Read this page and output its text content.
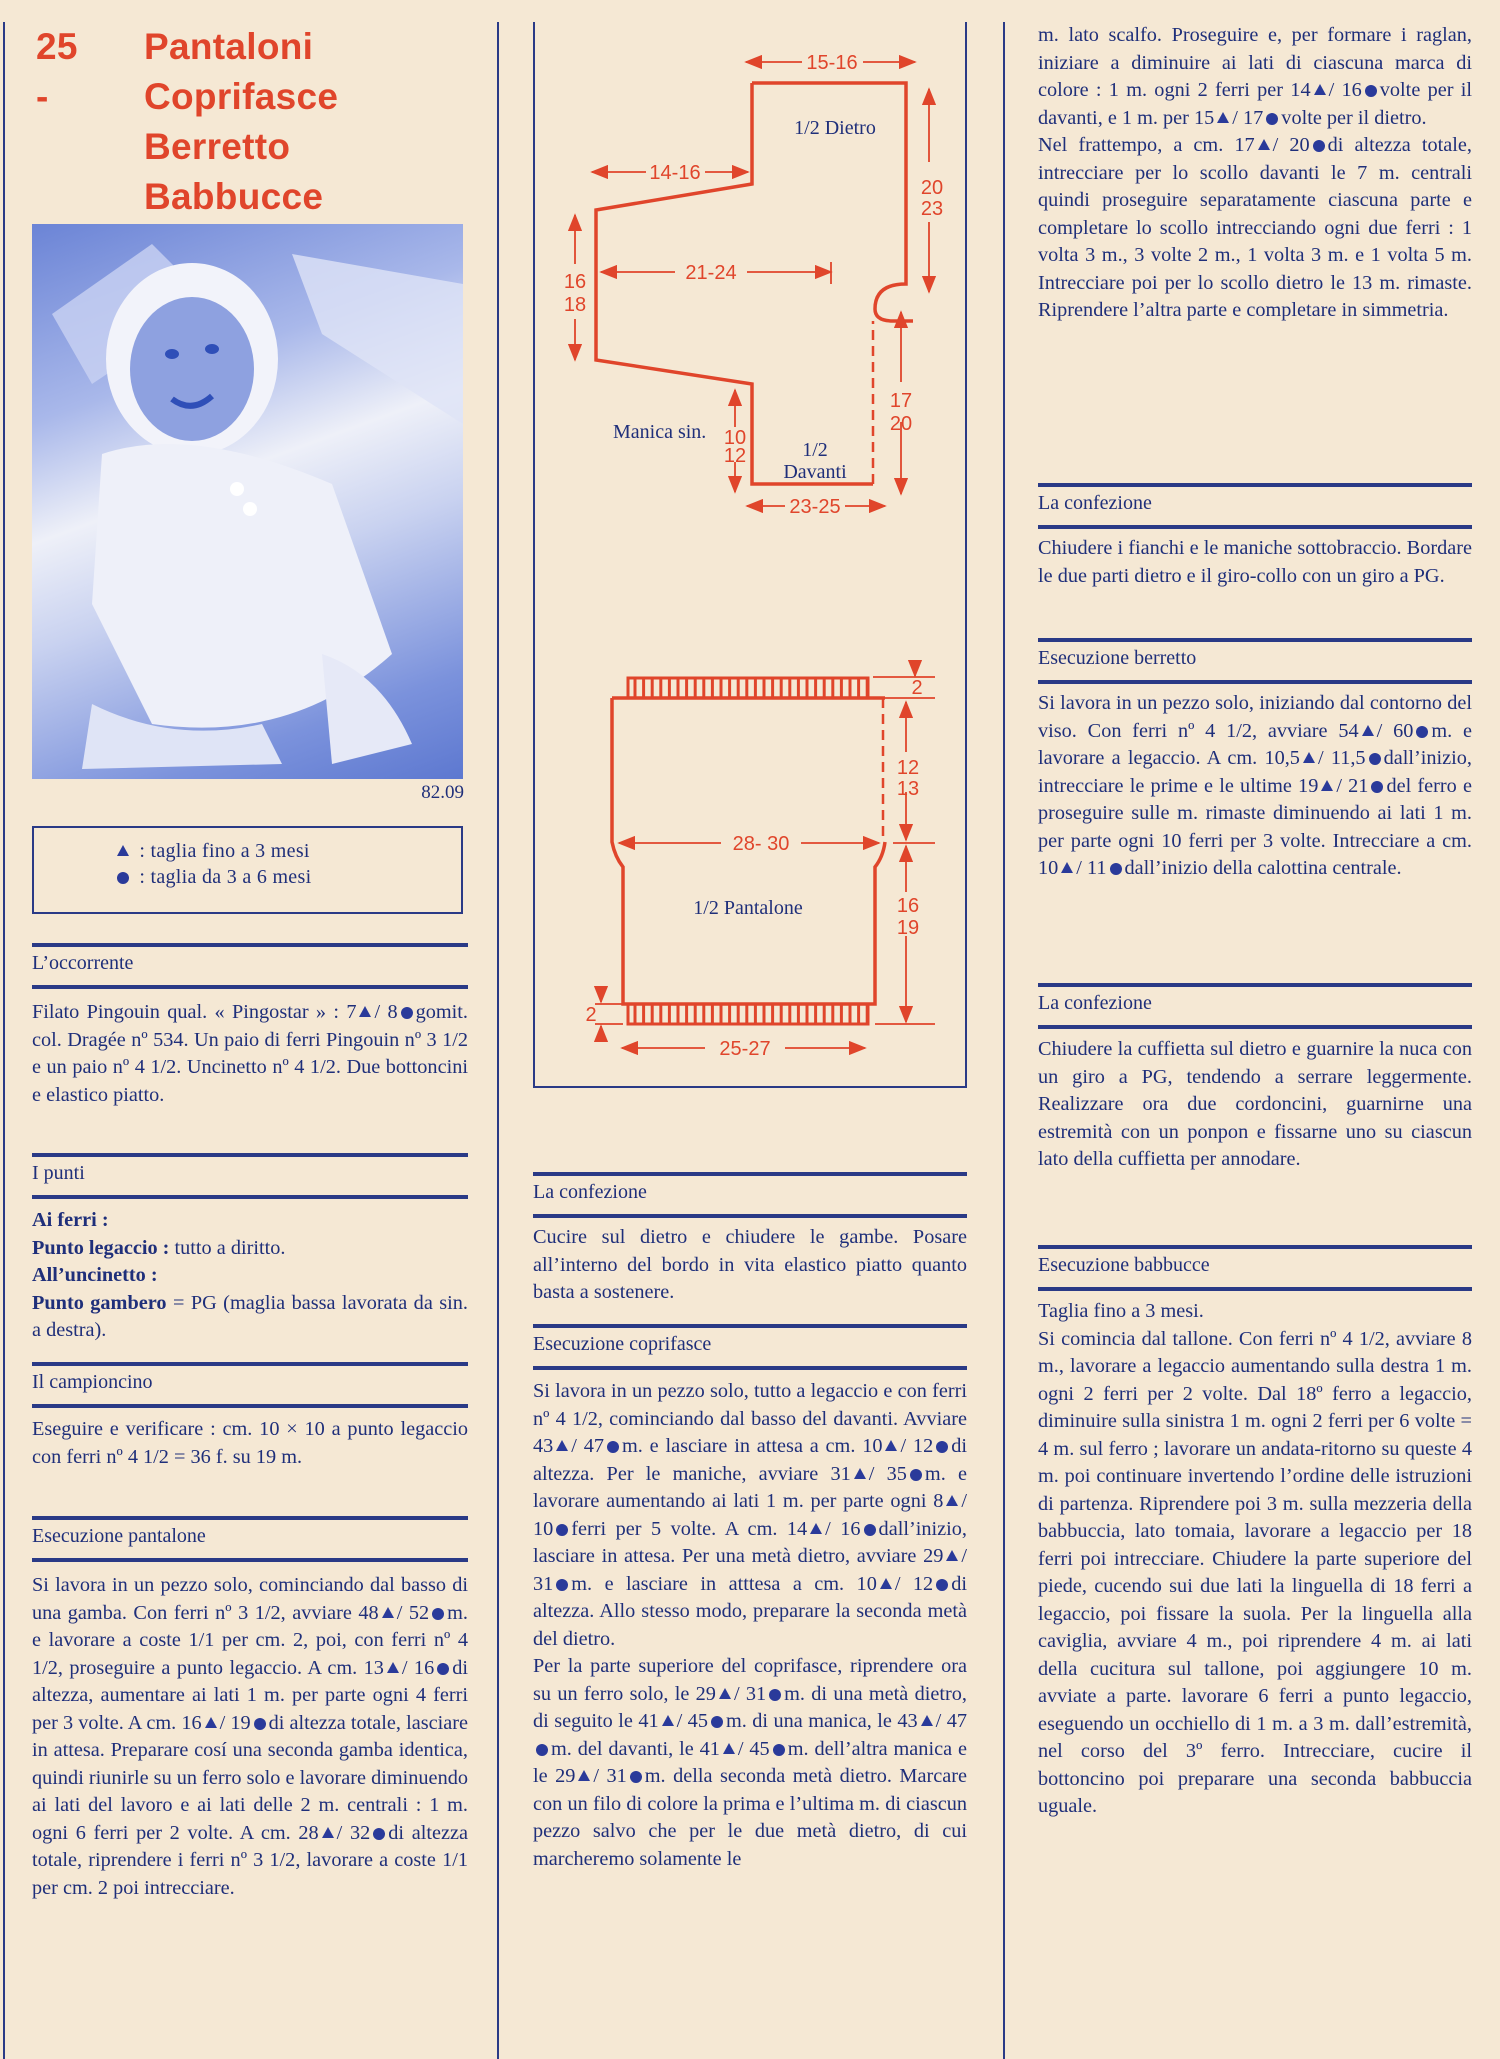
25 -
Pantaloni
Coprifasce
Berretto
Babbucce
82.09
: taglia fino a 3 mesi
: taglia da 3 a 6 mesi
L’occorrente

Filato Pingouin qual. « Pingostar » : 7 / 8 gomit. col. Dragée nº 534. Un paio di ferri Pingouin nº 3 1/2 e un paio nº 4 1/2. Uncinetto nº 4 1/2. Due bottoncini e elastico piatto.

I punti

Ai ferri :

Punto legaccio : tutto a diritto.

All’uncinetto :

Punto gambero = PG (maglia bassa lavorata da sin. a destra).

Il campioncino
Eseguire e verificare : cm. 10 × 10 a punto legaccio con ferri nº 4 1/2 = 36 f. su 19 m.
Esecuzione pantalone

Si lavora in un pezzo solo, cominciando dal basso di una gamba. Con ferri nº 3 1/2, avviare 48 / 52 m. e lavorare a coste 1/1 per cm. 2, poi, con ferri nº 4 1/2, proseguire a punto legaccio. A cm. 13 / 16 di altezza, aumentare ai lati 1 m. per parte ogni 4 ferri per 3 volte. A cm. 16 / 19 di altezza totale, lasciare in attesa. Preparare cosí una seconda gamba identica, quindi riunirle su un ferro solo e lavorare diminuendo ai lati del lavoro e ai lati delle 2 m. centrali : 1 m. ogni 6 ferri per 2 volte. A cm. 28 / 32 di altezza totale, riprendere i ferri nº 3 1/2, lavorare a coste 1/1 per cm. 2 poi intrecciare.

15-16
14-16
20
23
16
18
21-24
17
20
10
12
23-25
1/2 Dietro
Manica sin.
1/2
Davanti
2
12
13
28- 30
16
19
2
25-27
1/2 Pantalone
La confezione
Cucire sul dietro e chiudere le gambe. Posare all’interno del bordo in vita elastico piatto quanto basta a sostenere.
Esecuzione coprifasce

Si lavora in un pezzo solo, tutto a legaccio e con ferri nº 4 1/2, cominciando dal basso del davanti. Avviare 43 / 47 m. e lasciare in attesa a cm. 10 / 12 di altezza. Per le maniche, avviare 31 / 35 m. e lavorare aumentando ai lati 1 m. per parte ogni 8 / 10 ferri per 5 volte. A cm. 14 / 16 dall’inizio, lasciare in attesa. Per una metà dietro, avviare 29 / 31 m. e lasciare in atttesa a cm. 10 / 12 di altezza. Allo stesso modo, preparare la seconda metà del dietro.

Per la parte superiore del coprifasce, riprendere ora su un ferro solo, le 29 / 31 m. di una metà dietro, di seguito le 41 / 45 m. di una manica, le 43 / 47m. del davanti, le 41 / 45 m. dell’altra manica e le 29 / 31 m. della seconda metà dietro. Marcare con un filo di colore la prima e l’ultima m. di ciascun pezzo salvo che per le due metà dietro, di cui marcheremo solamente le

m. lato scalfo. Proseguire e, per formare i raglan, iniziare a diminuire ai lati di ciascuna marca di colore : 1 m. ogni 2 ferri per 14 / 16 volte per il davanti, e 1 m. per 15 / 17 volte per il dietro.

Nel frattempo, a cm. 17 / 20 di altezza totale, intrecciare per lo scollo davanti le 7 m. centrali quindi proseguire separatamente ciascuna parte e completare lo scollo intrecciando ogni due ferri : 1 volta 3 m., 3 volte 2 m., 1 volta 3 m. e 1 volta 5 m. Intrecciare poi per lo scollo dietro le 13 m. rimaste. Riprendere l’altra parte e completare in simmetria.

La confezione
Chiudere i fianchi e le maniche sottobraccio. Bordare le due parti dietro e il giro-collo con un giro a PG.
Esecuzione berretto

Si lavora in un pezzo solo, iniziando dal contorno del viso. Con ferri nº 4 1/2, avviare 54 / 60 m. e lavorare a legaccio. A cm. 10,5 / 11,5 dall’inizio, intrecciare le prime e le ultime 19 / 21 del ferro e proseguire sulle m. rimaste diminuendo ai lati 1 m. per parte ogni 10 ferri per 3 volte. Intrecciare a cm. 10 / 11 dall’inizio della calottina centrale.

La confezione
Chiudere la cuffietta sul dietro e guarnire la nuca con un giro a PG, tendendo a serrare leggermente. Realizzare ora due cordoncini, guarnirne una estremità con un ponpon e fissarne uno su ciascun lato della cuffietta per annodare.
Esecuzione babbucce

Taglia fino a 3 mesi.

Si comincia dal tallone. Con ferri nº 4 1/2, avviare 8 m., lavorare a legaccio aumentando sulla destra 1 m. ogni 2 ferri per 2 volte. Dal 18º ferro a legaccio, diminuire sulla sinistra 1 m. ogni 2 ferri per 6 volte = 4 m. sul ferro ; lavorare un andata-ritorno su queste 4 m. poi continuare invertendo l’ordine delle istruzioni di partenza. Riprendere poi 3 m. sulla mezzeria della babbuccia, lato tomaia, lavorare a legaccio per 18 ferri poi intrecciare. Chiudere la parte superiore del piede, cucendo sui due lati la linguella di 18 ferri a legaccio, poi fissare la suola. Per la linguella alla caviglia, avviare 4 m., poi riprendere 4 m. ai lati della cucitura sul tallone, poi aggiungere 10 m. avviate a parte. lavorare 6 ferri a punto legaccio, eseguendo un occhiello di 1 m. a 3 m. dall’estremità, nel corso del 3º ferro. Intrecciare, cucire il bottoncino poi preparare una seconda babbuccia uguale.
